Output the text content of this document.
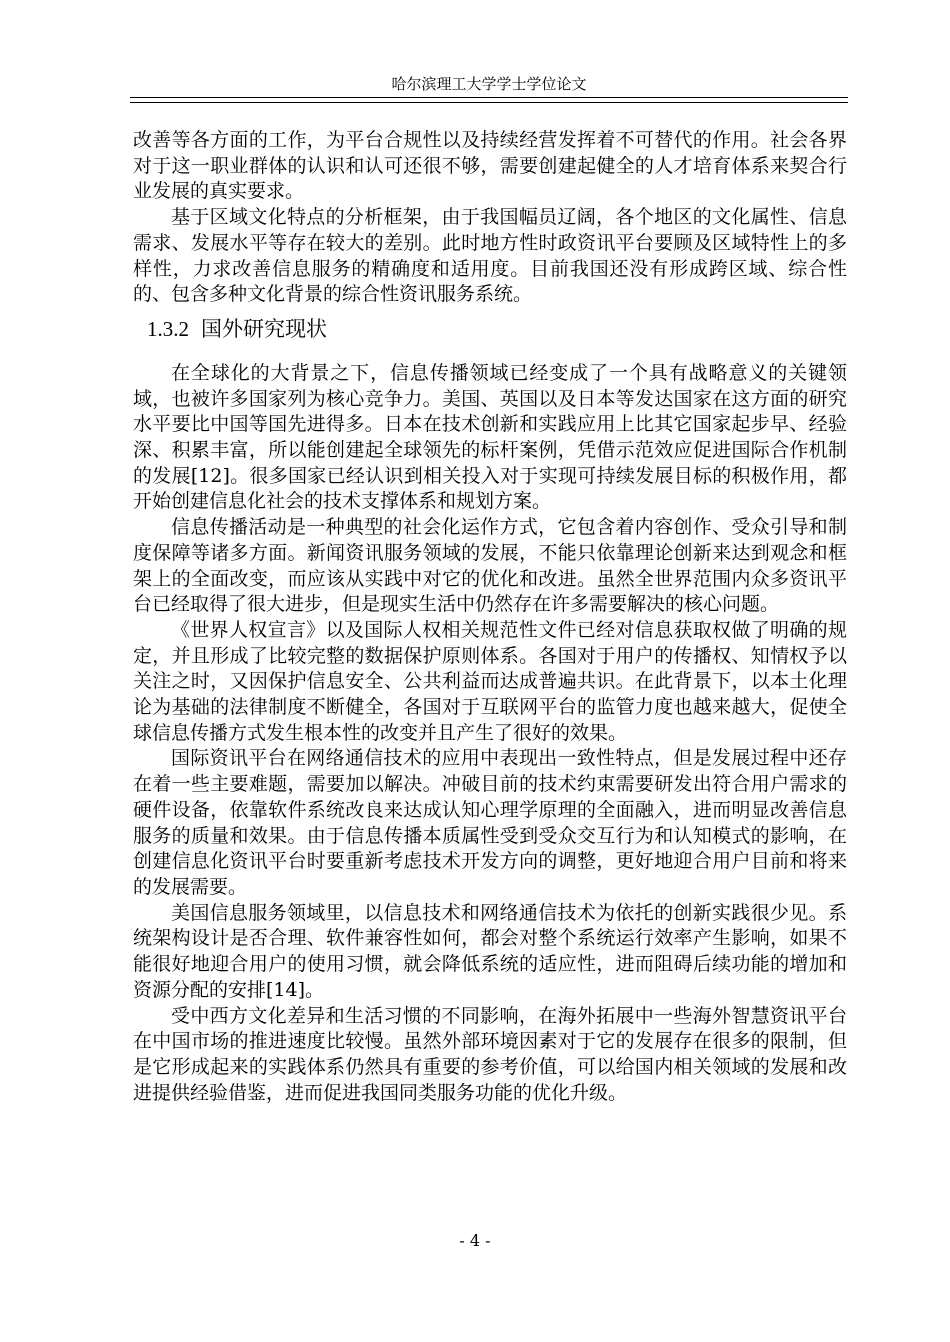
哈尔滨理工大学学士学位论文

改善等各方面的工作，为平台合规性以及持续经营发挥着不可替代的作用。社会各界对于这一职业群体的认识和认可还很不够，需要创建起健全的人才培育体系来契合行业发展的真实要求。

基于区域文化特点的分析框架，由于我国幅员辽阔，各个地区的文化属性、信息需求、发展水平等存在较大的差别。此时地方性时政资讯平台要顾及区域特性上的多样性，力求改善信息服务的精确度和适用度。目前我国还没有形成跨区域、综合性的、包含多种文化背景的综合性资讯服务系统。

1.3.2 国外研究现状

在全球化的大背景之下，信息传播领域已经变成了一个具有战略意义的关键领域，也被许多国家列为核心竞争力。美国、英国以及日本等发达国家在这方面的研究水平要比中国等国先进得多。日本在技术创新和实践应用上比其它国家起步早、经验深、积累丰富，所以能创建起全球领先的标杆案例，凭借示范效应促进国际合作机制的发展[12]。很多国家已经认识到相关投入对于实现可持续发展目标的积极作用，都开始创建信息化社会的技术支撑体系和规划方案。

信息传播活动是一种典型的社会化运作方式，它包含着内容创作、受众引导和制度保障等诸多方面。新闻资讯服务领域的发展，不能只依靠理论创新来达到观念和框架上的全面改变，而应该从实践中对它的优化和改进。虽然全世界范围内众多资讯平台已经取得了很大进步，但是现实生活中仍然存在许多需要解决的核心问题。

《世界人权宣言》以及国际人权相关规范性文件已经对信息获取权做了明确的规定，并且形成了比较完整的数据保护原则体系。各国对于用户的传播权、知情权予以关注之时，又因保护信息安全、公共利益而达成普遍共识。在此背景下，以本土化理论为基础的法律制度不断健全，各国对于互联网平台的监管力度也越来越大，促使全球信息传播方式发生根本性的改变并且产生了很好的效果。

国际资讯平台在网络通信技术的应用中表现出一致性特点，但是发展过程中还存在着一些主要难题，需要加以解决。冲破目前的技术约束需要研发出符合用户需求的硬件设备，依靠软件系统改良来达成认知心理学原理的全面融入，进而明显改善信息服务的质量和效果。由于信息传播本质属性受到受众交互行为和认知模式的影响，在创建信息化资讯平台时要重新考虑技术开发方向的调整，更好地迎合用户目前和将来的发展需要。

美国信息服务领域里，以信息技术和网络通信技术为依托的创新实践很少见。系统架构设计是否合理、软件兼容性如何，都会对整个系统运行效率产生影响，如果不能很好地迎合用户的使用习惯，就会降低系统的适应性，进而阻碍后续功能的增加和资源分配的安排[14]。

受中西方文化差异和生活习惯的不同影响，在海外拓展中一些海外智慧资讯平台在中国市场的推进速度比较慢。虽然外部环境因素对于它的发展存在很多的限制，但是它形成起来的实践体系仍然具有重要的参考价值，可以给国内相关领域的发展和改进提供经验借鉴，进而促进我国同类服务功能的优化升级。

- 4 -
